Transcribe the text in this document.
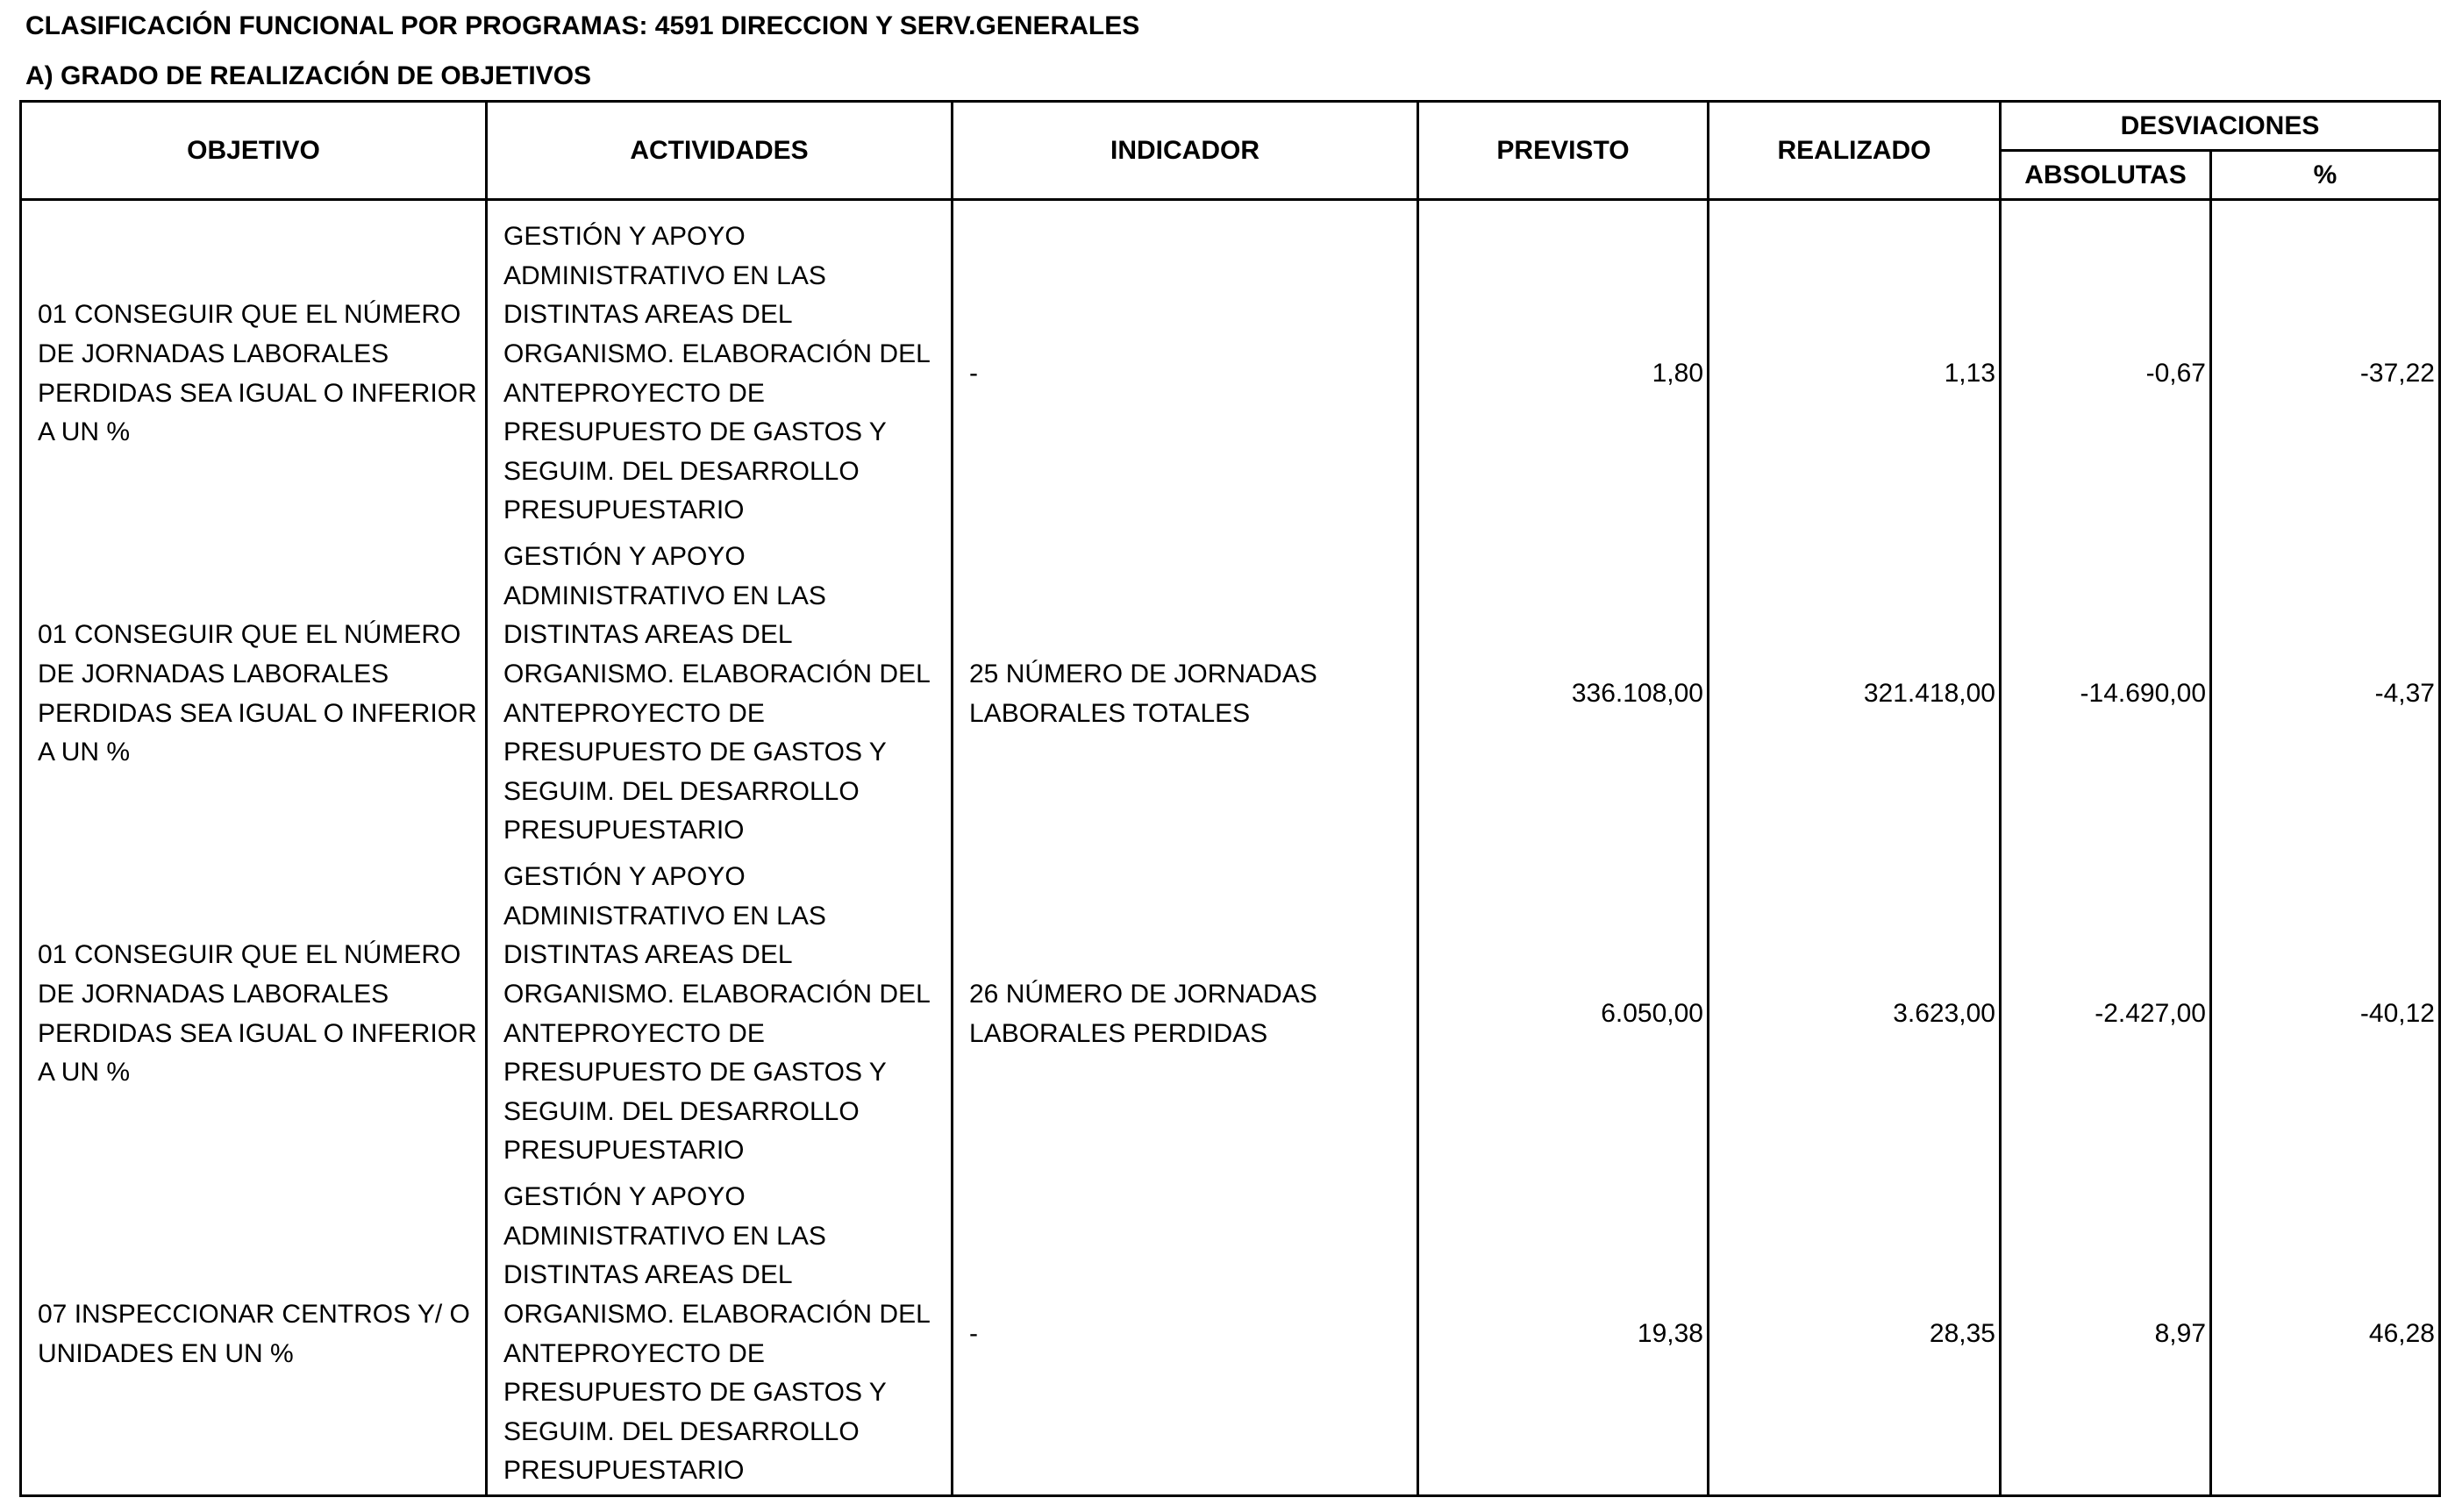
CLASIFICACIÓN FUNCIONAL POR PROGRAMAS: 4591 DIRECCION Y SERV.GENERALES
A) GRADO DE REALIZACIÓN DE OBJETIVOS
OBJETIVO	ACTIVIDADES	INDICADOR	PREVISTO	REALIZADO	DESVIACIONES	
					ABSOLUTAS	%
01 CONSEGUIR QUE EL NÚMERO DE JORNADAS LABORALES PERDIDAS SEA IGUAL O INFERIOR A UN %	GESTIÓN Y APOYO ADMINISTRATIVO EN LAS DISTINTAS AREAS DEL ORGANISMO. ELABORACIÓN DEL ANTEPROYECTO DE PRESUPUESTO DE GASTOS Y SEGUIM. DEL DESARROLLO PRESUPUESTARIO	-	1,80	1,13	-0,67	-37,22
01 CONSEGUIR QUE EL NÚMERO DE JORNADAS LABORALES PERDIDAS SEA IGUAL O INFERIOR A UN %	GESTIÓN Y APOYO ADMINISTRATIVO EN LAS DISTINTAS AREAS DEL ORGANISMO. ELABORACIÓN DEL ANTEPROYECTO DE PRESUPUESTO DE GASTOS Y SEGUIM. DEL DESARROLLO PRESUPUESTARIO	25 NÚMERO DE JORNADAS LABORALES TOTALES	336.108,00	321.418,00	-14.690,00	-4,37
01 CONSEGUIR QUE EL NÚMERO DE JORNADAS LABORALES PERDIDAS SEA IGUAL O INFERIOR A UN %	GESTIÓN Y APOYO ADMINISTRATIVO EN LAS DISTINTAS AREAS DEL ORGANISMO. ELABORACIÓN DEL ANTEPROYECTO DE PRESUPUESTO DE GASTOS Y SEGUIM. DEL DESARROLLO PRESUPUESTARIO	26 NÚMERO DE JORNADAS LABORALES PERDIDAS	6.050,00	3.623,00	-2.427,00	-40,12
07 INSPECCIONAR CENTROS Y/ O UNIDADES EN UN %	GESTIÓN Y APOYO ADMINISTRATIVO EN LAS DISTINTAS AREAS DEL ORGANISMO. ELABORACIÓN DEL ANTEPROYECTO DE PRESUPUESTO DE GASTOS Y SEGUIM. DEL DESARROLLO PRESUPUESTARIO	-	19,38	28,35	8,97	46,28
